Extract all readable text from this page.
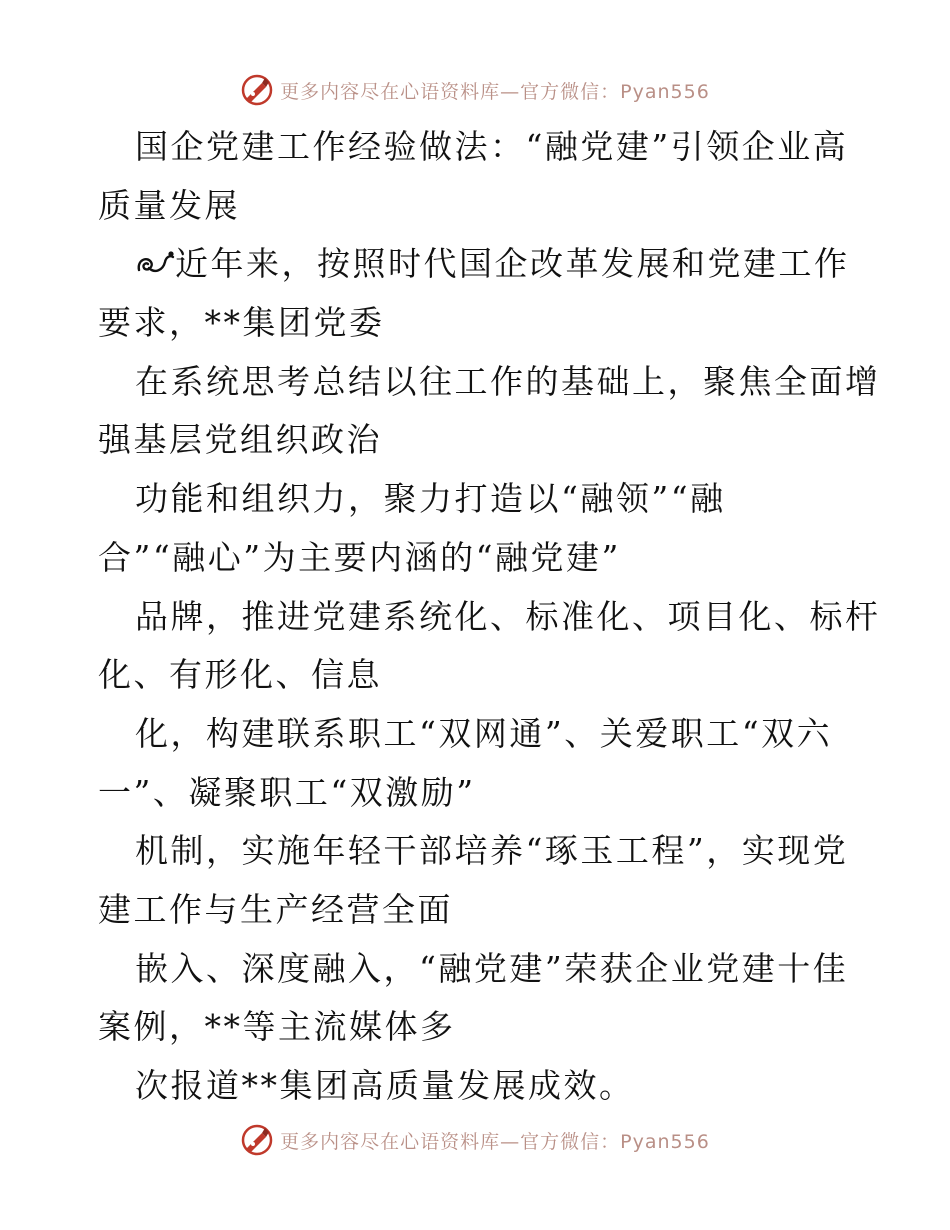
更多内容尽在心语资料库—官方微信：Pyan556
国企党建工作经验做法：“融党建”引领企业高
质量发展
近年来，按照时代国企改革发展和党建工作
要求，**集团党委
在系统思考总结以往工作的基础上，聚焦全面增
强基层党组织政治
功能和组织力，聚力打造以“融领”“融
合”“融心”为主要内涵的“融党建”
品牌，推进党建系统化、标准化、项目化、标杆
化、有形化、信息
化，构建联系职工“双网通”、关爱职工“双六
一”、凝聚职工“双激励”
机制，实施年轻干部培养“琢玉工程”，实现党
建工作与生产经营全面
嵌入、深度融入，“融党建”荣获企业党建十佳
案例，**等主流媒体多
次报道**集团高质量发展成效。
更多内容尽在心语资料库—官方微信：Pyan556
